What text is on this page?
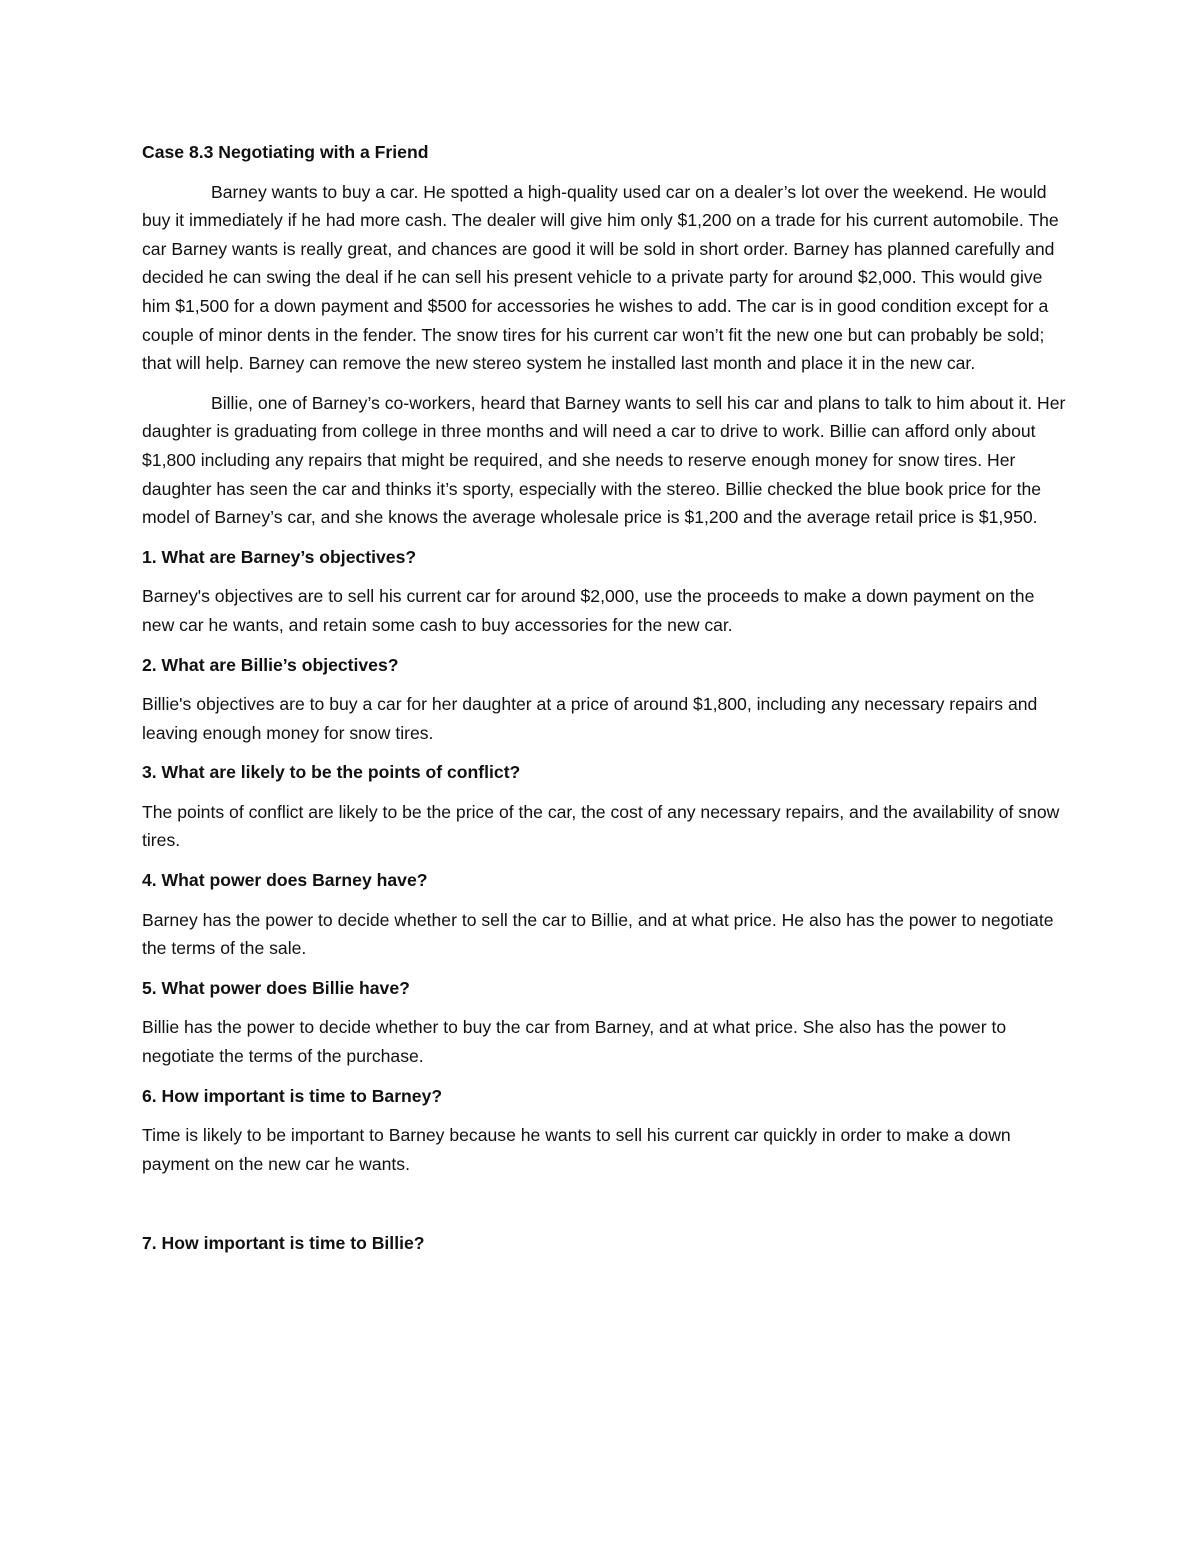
Case 8.3 Negotiating with a Friend

Barney wants to buy a car. He spotted a high-quality used car on a dealer’s lot over the weekend. He would buy it immediately if he had more cash. The dealer will give him only $1,200 on a trade for his current automobile. The car Barney wants is really great, and chances are good it will be sold in short order. Barney has planned carefully and decided he can swing the deal if he can sell his present vehicle to a private party for around $2,000. This would give him $1,500 for a down payment and $500 for accessories he wishes to add. The car is in good condition except for a couple of minor dents in the fender. The snow tires for his current car won’t fit the new one but can probably be sold; that will help. Barney can remove the new stereo system he installed last month and place it in the new car.

Billie, one of Barney’s co-workers, heard that Barney wants to sell his car and plans to talk to him about it. Her daughter is graduating from college in three months and will need a car to drive to work. Billie can afford only about $1,800 including any repairs that might be required, and she needs to reserve enough money for snow tires. Her daughter has seen the car and thinks it’s sporty, especially with the stereo. Billie checked the blue book price for the model of Barney’s car, and she knows the average wholesale price is $1,200 and the average retail price is $1,950.

1. What are Barney’s objectives?

Barney's objectives are to sell his current car for around $2,000, use the proceeds to make a down payment on the new car he wants, and retain some cash to buy accessories for the new car.

2. What are Billie’s objectives?

Billie's objectives are to buy a car for her daughter at a price of around $1,800, including any necessary repairs and leaving enough money for snow tires.

3. What are likely to be the points of conflict?

The points of conflict are likely to be the price of the car, the cost of any necessary repairs, and the availability of snow tires.

4. What power does Barney have?

Barney has the power to decide whether to sell the car to Billie, and at what price. He also has the power to negotiate the terms of the sale.

5. What power does Billie have?

Billie has the power to decide whether to buy the car from Barney, and at what price. She also has the power to negotiate the terms of the purchase.

6. How important is time to Barney?

Time is likely to be important to Barney because he wants to sell his current car quickly in order to make a down payment on the new car he wants.

7. How important is time to Billie?
